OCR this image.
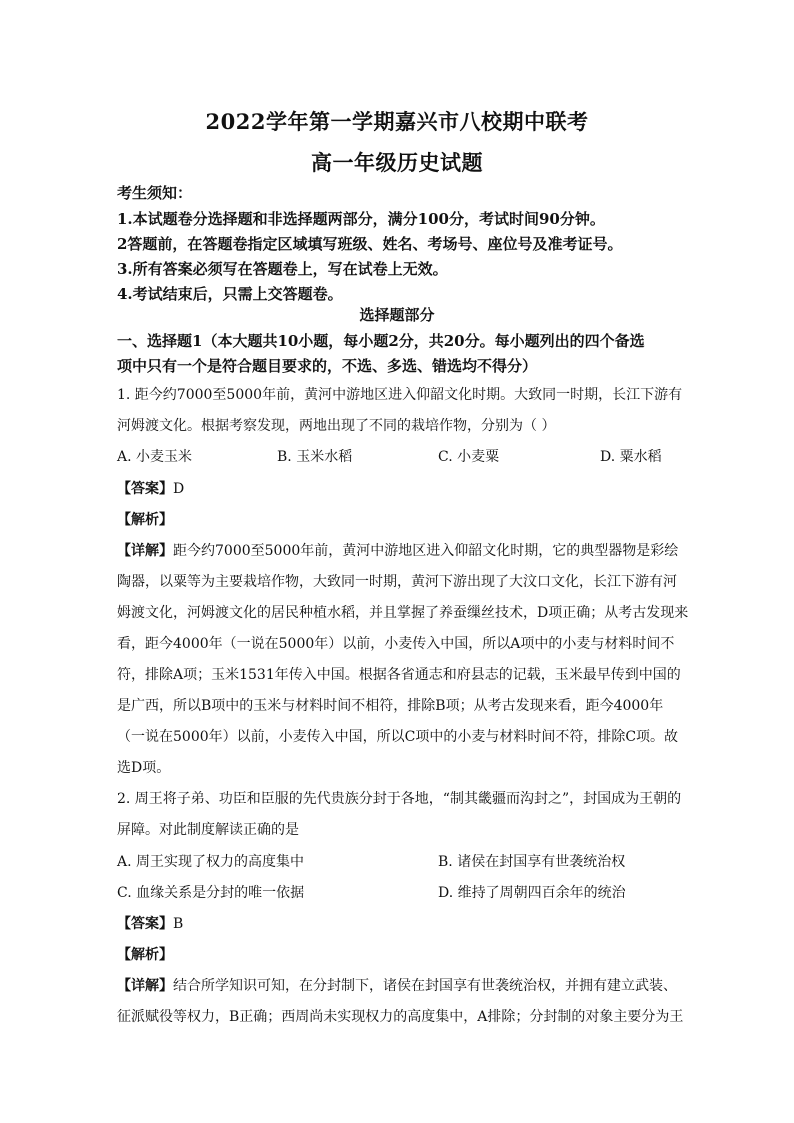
2022学年第一学期嘉兴市八校期中联考
高一年级历史试题
考生须知：
1.本试题卷分选择题和非选择题两部分，满分100分，考试时间90分钟。
2答题前，在答题卷指定区域填写班级、姓名、考场号、座位号及准考证号。
3.所有答案必须写在答题卷上，写在试卷上无效。
4.考试结束后，只需上交答题卷。
选择题部分
一、选择题1（本大题共10小题，每小题2分，共20分。每小题列出的四个备选
项中只有一个是符合题目要求的，不选、多选、错选均不得分）
1. 距今约7000至5000年前，黄河中游地区进入仰韶文化时期。大致同一时期，长江下游有
河姆渡文化。根据考察发现，两地出现了不同的栽培作物，分别为（ ）
A. 小麦玉米	B. 玉米水稻	C. 小麦粟	D. 粟水稻
【答案】D
【解析】
【详解】距今约7000至5000年前，黄河中游地区进入仰韶文化时期，它的典型器物是彩绘
陶器，以粟等为主要栽培作物，大致同一时期，黄河下游出现了大汶口文化，长江下游有河
姆渡文化，河姆渡文化的居民种植水稻，并且掌握了养蚕缫丝技术，D项正确；从考古发现来
看，距今4000年（一说在5000年）以前，小麦传入中国，所以A项中的小麦与材料时间不
符，排除A项；玉米1531年传入中国。根据各省通志和府县志的记载，玉米最早传到中国的
是广西，所以B项中的玉米与材料时间不相符，排除B项；从考古发现来看，距今4000年
（一说在5000年）以前，小麦传入中国，所以C项中的小麦与材料时间不符，排除C项。故
选D项。
2. 周王将子弟、功臣和臣服的先代贵族分封于各地，“制其畿疆而沟封之”，封国成为王朝的
屏障。对此制度解读正确的是
A. 周王实现了权力的高度集中	B. 诸侯在封国享有世袭统治权
C. 血缘关系是分封的唯一依据	D. 维持了周朝四百余年的统治
【答案】B
【解析】
【详解】结合所学知识可知，在分封制下，诸侯在封国享有世袭统治权，并拥有建立武装、
征派赋役等权力，B正确；西周尚未实现权力的高度集中，A排除；分封制的对象主要分为王
